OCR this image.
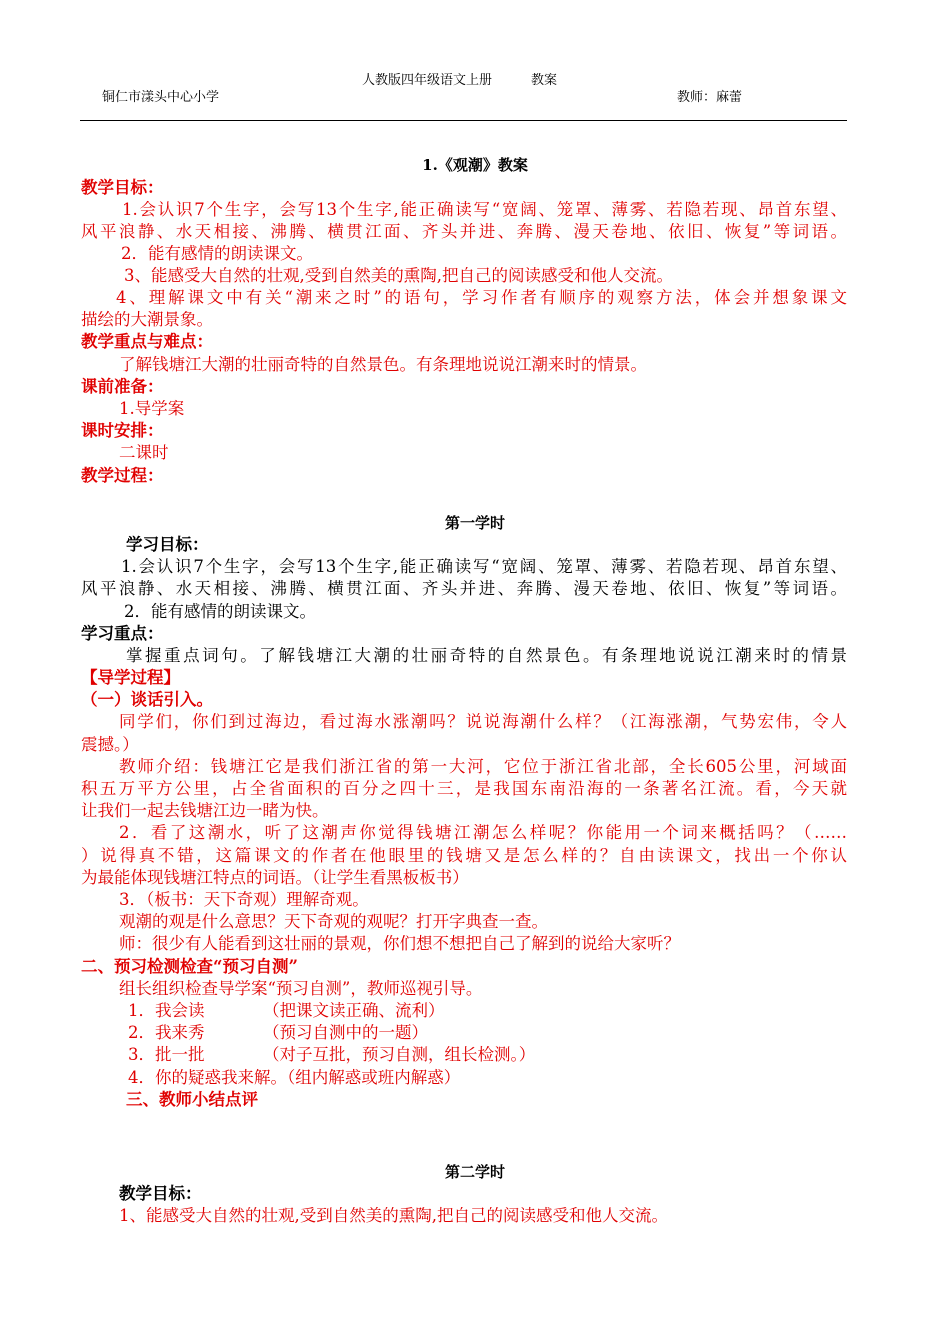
人教版四年级语文上册　　　教案
铜仁市漾头中心小学	教师：麻蕾
1.《观潮》教案
教学目标：
1.会认识7个生字，会写13个生字,能正确读写“宽阔、笼罩、薄雾、若隐若现、昂首东望、
风平浪静、水天相接、沸腾、横贯江面、齐头并进、奔腾、漫天卷地、依旧、恢复”等词语。
2．能有感情的朗读课文。
3、能感受大自然的壮观,受到自然美的熏陶,把自己的阅读感受和他人交流。
4、理解课文中有关“潮来之时”的语句，学习作者有顺序的观察方法，体会并想象课文
描绘的大潮景象。
教学重点与难点：
了解钱塘江大潮的壮丽奇特的自然景色。有条理地说说江潮来时的情景。
课前准备：
1.导学案
课时安排：
二课时
教学过程：
第一学时
学习目标：
1.会认识7个生字，会写13个生字,能正确读写“宽阔、笼罩、薄雾、若隐若现、昂首东望、
风平浪静、水天相接、沸腾、横贯江面、齐头并进、奔腾、漫天卷地、依旧、恢复”等词语。
2．能有感情的朗读课文。
学习重点：
掌握重点词句。了解钱塘江大潮的壮丽奇特的自然景色。有条理地说说江潮来时的情景
【导学过程】
（一）谈话引入。
同学们，你们到过海边，看过海水涨潮吗？说说海潮什么样？（江海涨潮，气势宏伟，令人
震撼。）
教师介绍：钱塘江它是我们浙江省的第一大河，它位于浙江省北部，全长605公里，河域面
积五万平方公里，占全省面积的百分之四十三，是我国东南沿海的一条著名江流。看，今天就
让我们一起去钱塘江边一睹为快。
2．看了这潮水，听了这潮声你觉得钱塘江潮怎么样呢？你能用一个词来概括吗？（……
）说得真不错，这篇课文的作者在他眼里的钱塘又是怎么样的？自由读课文，找出一个你认
为最能体现钱塘江特点的词语。（让学生看黑板板书）
3．（板书：天下奇观）理解奇观。
观潮的观是什么意思？天下奇观的观呢？打开字典查一查。
师：很少有人能看到这壮丽的景观，你们想不想把自己了解到的说给大家听？
二、预习检测检查“预习自测”
组长组织检查导学案“预习自测”，教师巡视引导。
1．我会读	（把课文读正确、流利）
2．我来秀	（预习自测中的一题）
3．批一批	（对子互批，预习自测，组长检测。）
4．你的疑惑我来解。（组内解惑或班内解惑）
三、教师小结点评
第二学时
教学目标：
1、能感受大自然的壮观,受到自然美的熏陶,把自己的阅读感受和他人交流。
